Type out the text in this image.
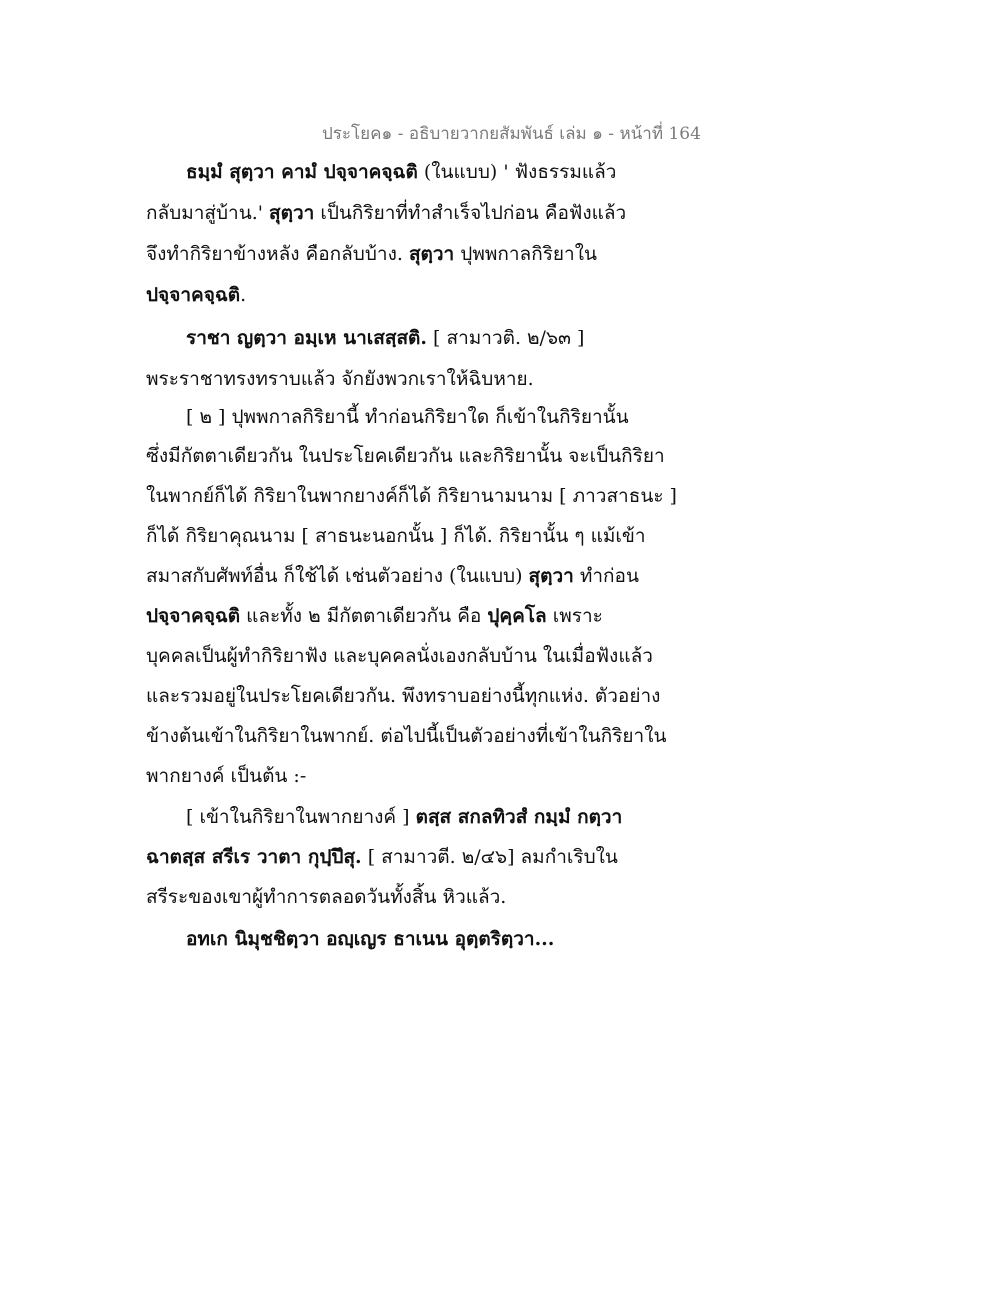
ประโยค๑ - อธิบายวากยสัมพันธ์ เล่ม ๑ - หน้าที่ 164
ธมฺมํ สุตฺวา คามํ ปจฺจาคจฺฉติ (ในแบบ) ' ฟังธรรมแล้ว
กลับมาสู่บ้าน.' สุตฺวา เป็นกิริยาที่ทำสำเร็จไปก่อน คือฟังแล้ว
จึงทำกิริยาข้างหลัง คือกลับบ้าง. สุตฺวา ปุพพกาลกิริยาใน
ปจฺจาคจฺฉติ.
ราชา ญตฺวา อมฺเห นาเสสฺสติ. [ สามาวติ. ๒/๖๓ ]
พระราชาทรงทราบแล้ว จักยังพวกเราให้ฉิบหาย.
[ ๒ ] ปุพพกาลกิริยานี้ ทำก่อนกิริยาใด ก็เข้าในกิริยานั้น
ซึ่งมีกัตตาเดียวกัน ในประโยคเดียวกัน และกิริยานั้น จะเป็นกิริยา
ในพากย์ก็ได้ กิริยาในพากยางค์ก็ได้ กิริยานามนาม [ ภาวสาธนะ ]
ก็ได้ กิริยาคุณนาม [ สาธนะนอกนั้น ] ก็ได้. กิริยานั้น ๆ แม้เข้า
สมาสกับศัพท์อื่น ก็ใช้ได้ เช่นตัวอย่าง (ในแบบ) สุตฺวา ทำก่อน
ปจฺจาคจฺฉติ และทั้ง ๒ มีกัตตาเดียวกัน คือ ปุคฺคโล เพราะ
บุคคลเป็นผู้ทำกิริยาฟัง และบุคคลนั่งเองกลับบ้าน ในเมื่อฟังแล้ว
และรวมอยู่ในประโยคเดียวกัน. พึงทราบอย่างนี้ทุกแห่ง. ตัวอย่าง
ข้างต้นเข้าในกิริยาในพากย์. ต่อไปนี้เป็นตัวอย่างที่เข้าในกิริยาใน
พากยางค์ เป็นต้น :-
[ เข้าในกิริยาในพากยางค์ ] ตสฺส สกลทิวสํ กมฺมํ กตฺวา
ฉาตสฺส สรีเร วาตา กุปฺปึสุ. [ สามาวตี. ๒/๔๖] ลมกำเริบใน
สรีระของเขาผู้ทำการตลอดวันทั้งสิ้น หิวแล้ว.
อทเก นิมุชชิตฺวา อญฺเญร ธาเนน อุตฺตริตฺวา...
